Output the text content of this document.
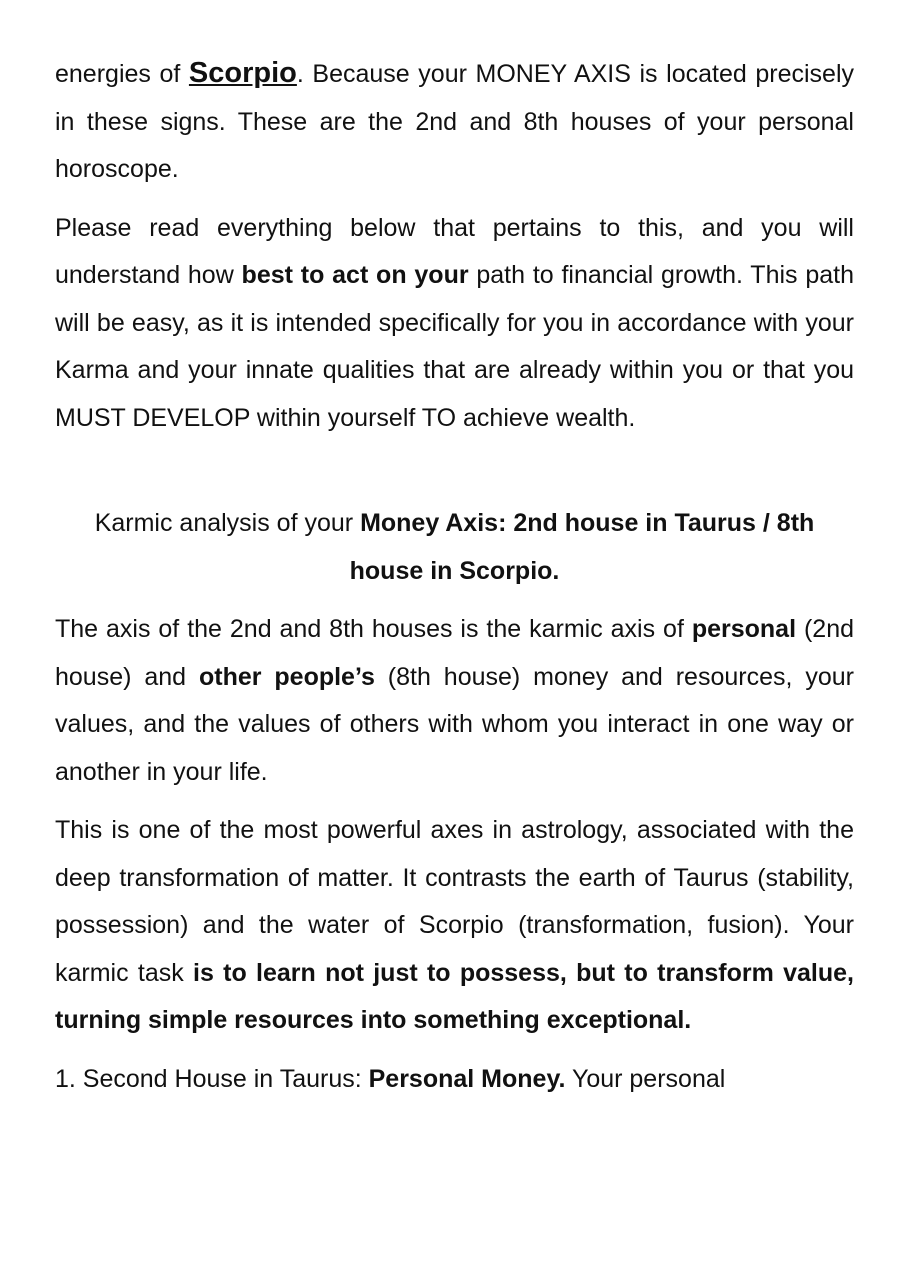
energies of Scorpio. Because your MONEY AXIS is located precisely in these signs. These are the 2nd and 8th houses of your personal horoscope.

Please read everything below that pertains to this, and you will understand how best to act on your path to financial growth. This path will be easy, as it is intended specifically for you in accordance with your Karma and your innate qualities that are already within you or that you MUST DEVELOP within yourself TO achieve wealth.

Karmic analysis of your Money Axis: 2nd house in Taurus / 8th house in Scorpio.

The axis of the 2nd and 8th houses is the karmic axis of personal (2nd house) and other people’s (8th house) money and resources, your values, and the values of others with whom you interact in one way or another in your life.

This is one of the most powerful axes in astrology, associated with the deep transformation of matter. It contrasts the earth of Taurus (stability, possession) and the water of Scorpio (transformation, fusion). Your karmic task is to learn not just to possess, but to transform value, turning simple resources into something exceptional.

1. Second House in Taurus: Personal Money. Your personal
